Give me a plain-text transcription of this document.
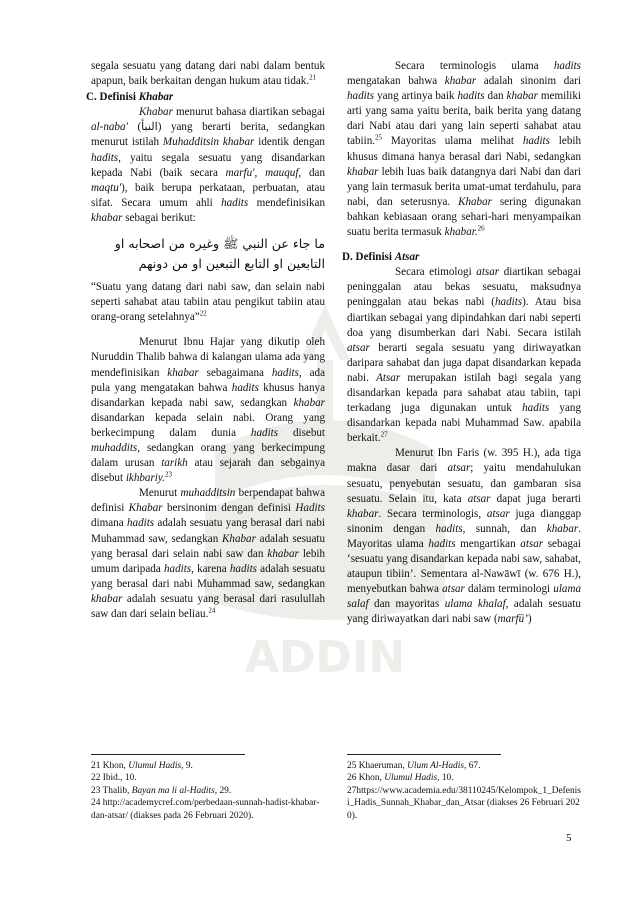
ADDIN

segala sesuatu yang datang dari nabi dalam bentuk apapun, baik berkaitan dengan hukum atau tidak.$^{21}$

C. Definisi Khabar

Khabar menurut bahasa diartikan sebagai al-naba' (النبأ) yang berarti berita, sedangkan menurut istilah Muhadditsin khabar identik dengan hadits, yaitu segala sesuatu yang disandarkan kepada Nabi (baik secara marfu', mauquf, dan maqtu'), baik berupa perkataan, perbuatan, atau sifat. Secara umum ahli hadits mendefinisikan khabar sebagai berikut:

ما جاء عن النبي ﷺ وغيره من اصحابه او التابعين او التابع التبعين او من دونهم

“Suatu yang datang dari nabi saw, dan selain nabi seperti sahabat atau tabiin atau pengikut tabiin atau orang-orang setelahnya”$^{22}$

Menurut Ibnu Hajar yang dikutip oleh Nuruddin Thalib bahwa di kalangan ulama ada yang mendefinisikan khabar sebagaimana hadits, ada pula yang mengatakan bahwa hadits khusus hanya disandarkan kepada nabi saw, sedangkan khabar disandarkan kepada selain nabi. Orang yang berkecimpung dalam dunia hadits disebut muhaddits, sedangkan orang yang berkecimpung dalam urusan tarikh atau sejarah dan sebgainya disebut ikhbariy.$^{23}$

Menurut muhadditsin berpendapat bahwa definisi Khabar bersinonim dengan definisi Hadits dimana hadits adalah sesuatu yang berasal dari nabi Muhammad saw, sedangkan Khabar adalah sesuatu yang berasal dari selain nabi saw dan khabar lebih umum daripada hadits, karena hadits adalah sesuatu yang berasal dari nabi Muhammad saw, sedangkan khabar adalah sesuatu yang berasal dari rasulullah saw dan dari selain beliau.$^{24}$

Secara terminologis ulama hadits mengatakan bahwa khabar adalah sinonim dari hadits yang artinya baik hadits dan khabar memiliki arti yang sama yaitu berita, baik berita yang datang dari Nabi atau dari yang lain seperti sahabat atau tabiin.$^{25}$ Mayoritas ulama melihat hadits lebih khusus dimana hanya berasal dari Nabi, sedangkan khabar lebih luas baik datangnya dari Nabi dan dari yang lain termasuk berita umat-umat terdahulu, para nabi, dan seterusnya. Khabar sering digunakan bahkan kebiasaan orang sehari-hari menyampaikan suatu berita termasuk khabar.$^{26}$

D. Definisi Atsar

Secara etimologi atsar diartikan sebagai peninggalan atau bekas sesuatu, maksudnya peninggalan atau bekas nabi (hadits). Atau bisa diartikan sebagai yang dipindahkan dari nabi seperti doa yang disumberkan dari Nabi. Secara istilah atsar berarti segala sesuatu yang diriwayatkan daripara sahabat dan juga dapat disandarkan kepada nabi. Atsar merupakan istilah bagi segala yang disandarkan kepada para sahabat atau tabiin, tapi terkadang juga digunakan untuk hadits yang disandarkan kepada nabi Muhammad Saw. apabila berkait.$^{27}$

Menurut Ibn Faris (w. 395 H.), ada tiga makna dasar dari atsar; yaitu mendahulukan sesuatu, penyebutan sesuatu, dan gambaran sisa sesuatu. Selain itu, kata atsar dapat juga berarti khabar. Secara terminologis, atsar juga dianggap sinonim dengan hadits, sunnah, dan khabar. Mayoritas ulama hadits mengartikan atsar sebagai ‘sesuatu yang disandarkan kepada nabi saw, sahabat, ataupun tibiin’. Sementara al-Nawāwī (w. 676 H.), menyebutkan bahwa atsar dalam terminologi ulama salaf dan mayoritas ulama khalaf, adalah sesuatu yang diriwayatkan dari nabi saw (marfū’)

21 Khon, Ulumul Hadis, 9.
22 Ibid., 10.
23 Thalib, Bayan ma li al-Hadits, 29.
24 http://academycref.com/perbedaan-sunnah-hadist-khabar-dan-atsar/ (diakses pada 26 Februari 2020).
25 Khaeruman, Ulum Al-Hadis, 67.
26 Khon, Ulumul Hadis, 10.
27https://www.academia.edu/38110245/Kelompok_1_Defenisi_Hadis_Sunnah_Khabar_dan_Atsar (diakses 26 Februari 2020).
5
